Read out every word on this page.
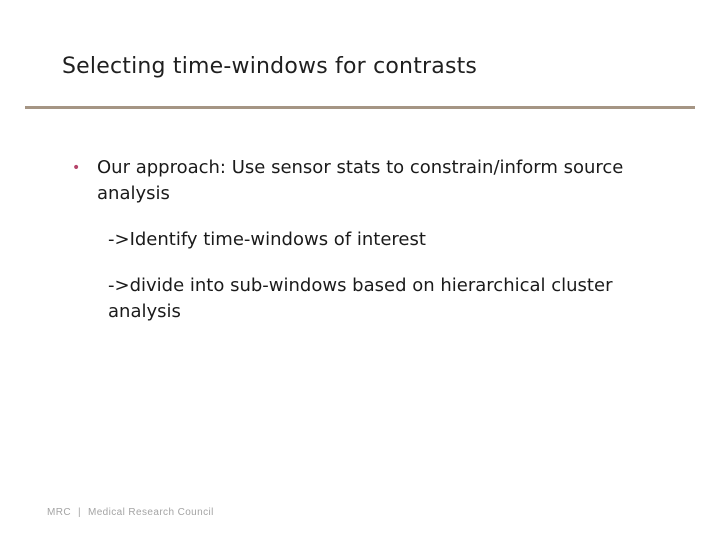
Selecting time-windows for contrasts
• Our approach: Use sensor stats to constrain/inform source analysis
->Identify time-windows of interest
->divide into sub-windows based on hierarchical cluster analysis
MRC | Medical Research Council
